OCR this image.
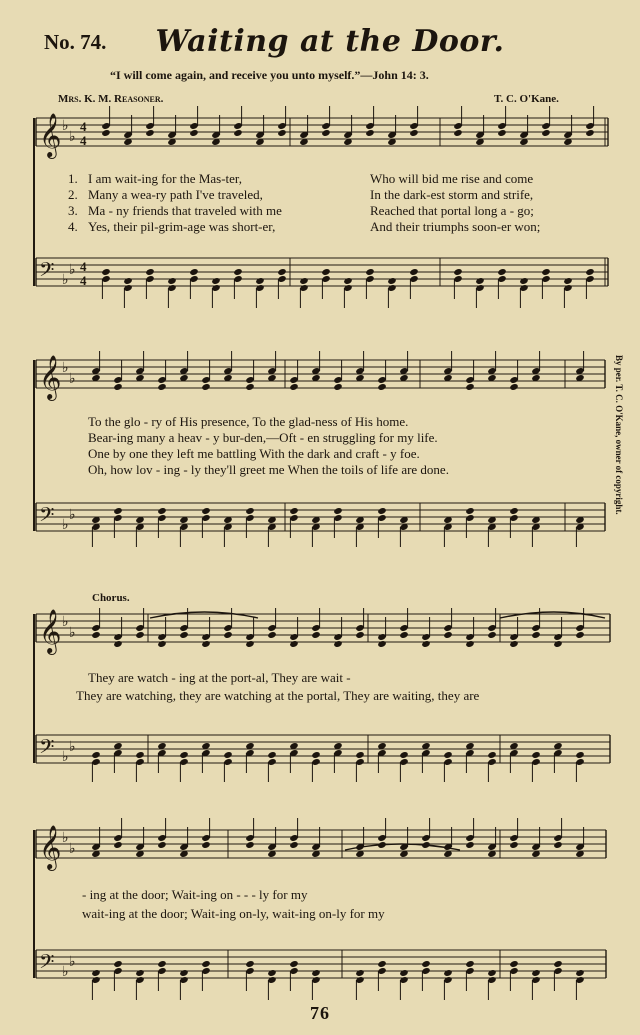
𝄞 ♭
♭
4
4
𝄢 ♭
♭ 4
4
𝄞 ♭
♭
𝄢 ♭
♭
𝄞 ♭
♭
𝄢 ♭
♭
𝄞 ♭
♭
𝄢 ♭
♭
No. 74. Waiting at the Door.
“I will come again, and receive you unto myself.”—John 14: 3.
Mrs. K. M. Reasoner.	T. C. O'Kane.
By per. T. C. O'Kane, owner of copyright.
1. I am wait-ing for the Mas-ter,	Who will bid me rise and come
2. Many a wea-ry path I've traveled,	In the dark-est storm and strife,
3. Ma - ny friends that traveled with me	Reached that portal long a - go;
4. Yes, their pil-grim-age was short-er,	And their triumphs soon-er won;
To the glo - ry of His presence, To the glad-ness of His home.
Bear-ing many a heav - y bur-den,—Oft - en struggling for my life.
One by one they left me battling With the dark and craft - y foe.
Oh, how lov - ing - ly they'll greet me When the toils of life are done.
Chorus.
They are watch - ing at the port-al, They are wait -
They are watching, they are watching at the portal, They are waiting, they are
- ing at the door; Wait-ing on - - - ly for my
wait-ing at the door; Wait-ing on-ly, wait-ing on-ly for my
76
